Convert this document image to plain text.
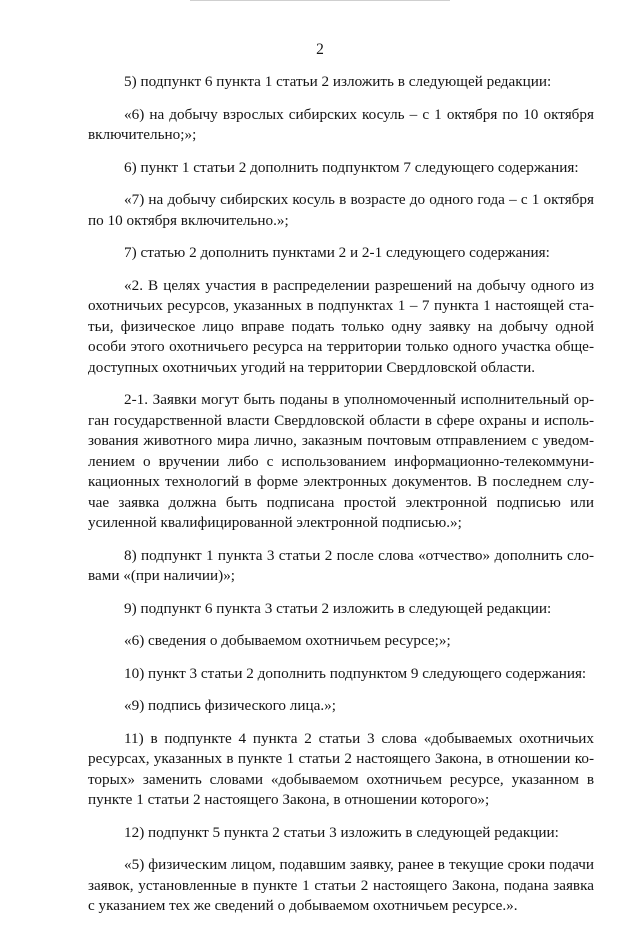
2

5) подпункт 6 пункта 1 статьи 2 изложить в следующей редакции:

«6) на добычу взрослых сибирских косуль – с 1 октября по 10 октября включительно;»;

6) пункт 1 статьи 2 дополнить подпунктом 7 следующего содержания:

«7) на добычу сибирских косуль в возрасте до одного года – с 1 октября по 10 октября включительно.»;

7) статью 2 дополнить пунктами 2 и 2-1 следующего содержания:

«2. В целях участия в распределении разрешений на добычу одного из охотничьих ресурсов, указанных в подпунктах 1 – 7 пункта 1 настоящей статьи, физическое лицо вправе подать только одну заявку на добычу одной особи этого охотничьего ресурса на территории только одного участка общедоступных охотничьих угодий на территории Свердловской области.

2-1. Заявки могут быть поданы в уполномоченный исполнительный орган государственной власти Свердловской области в сфере охраны и использования животного мира лично, заказным почтовым отправлением с уведомлением о вручении либо с использованием информационно-телекоммуникационных технологий в форме электронных документов. В последнем случае заявка должна быть подписана простой электронной подписью или усиленной квалифицированной электронной подписью.»;

8) подпункт 1 пункта 3 статьи 2 после слова «отчество» дополнить словами «(при наличии)»;

9) подпункт 6 пункта 3 статьи 2 изложить в следующей редакции:

«6) сведения о добываемом охотничьем ресурсе;»;

10) пункт 3 статьи 2 дополнить подпунктом 9 следующего содержания:

«9) подпись физического лица.»;

11) в подпункте 4 пункта 2 статьи 3 слова «добываемых охотничьих ресурсах, указанных в пункте 1 статьи 2 настоящего Закона, в отношении которых» заменить словами «добываемом охотничьем ресурсе, указанном в пункте 1 статьи 2 настоящего Закона, в отношении которого»;

12) подпункт 5 пункта 2 статьи 3 изложить в следующей редакции:

«5) физическим лицом, подавшим заявку, ранее в текущие сроки подачи заявок, установленные в пункте 1 статьи 2 настоящего Закона, подана заявка с указанием тех же сведений о добываемом охотничьем ресурсе.».
